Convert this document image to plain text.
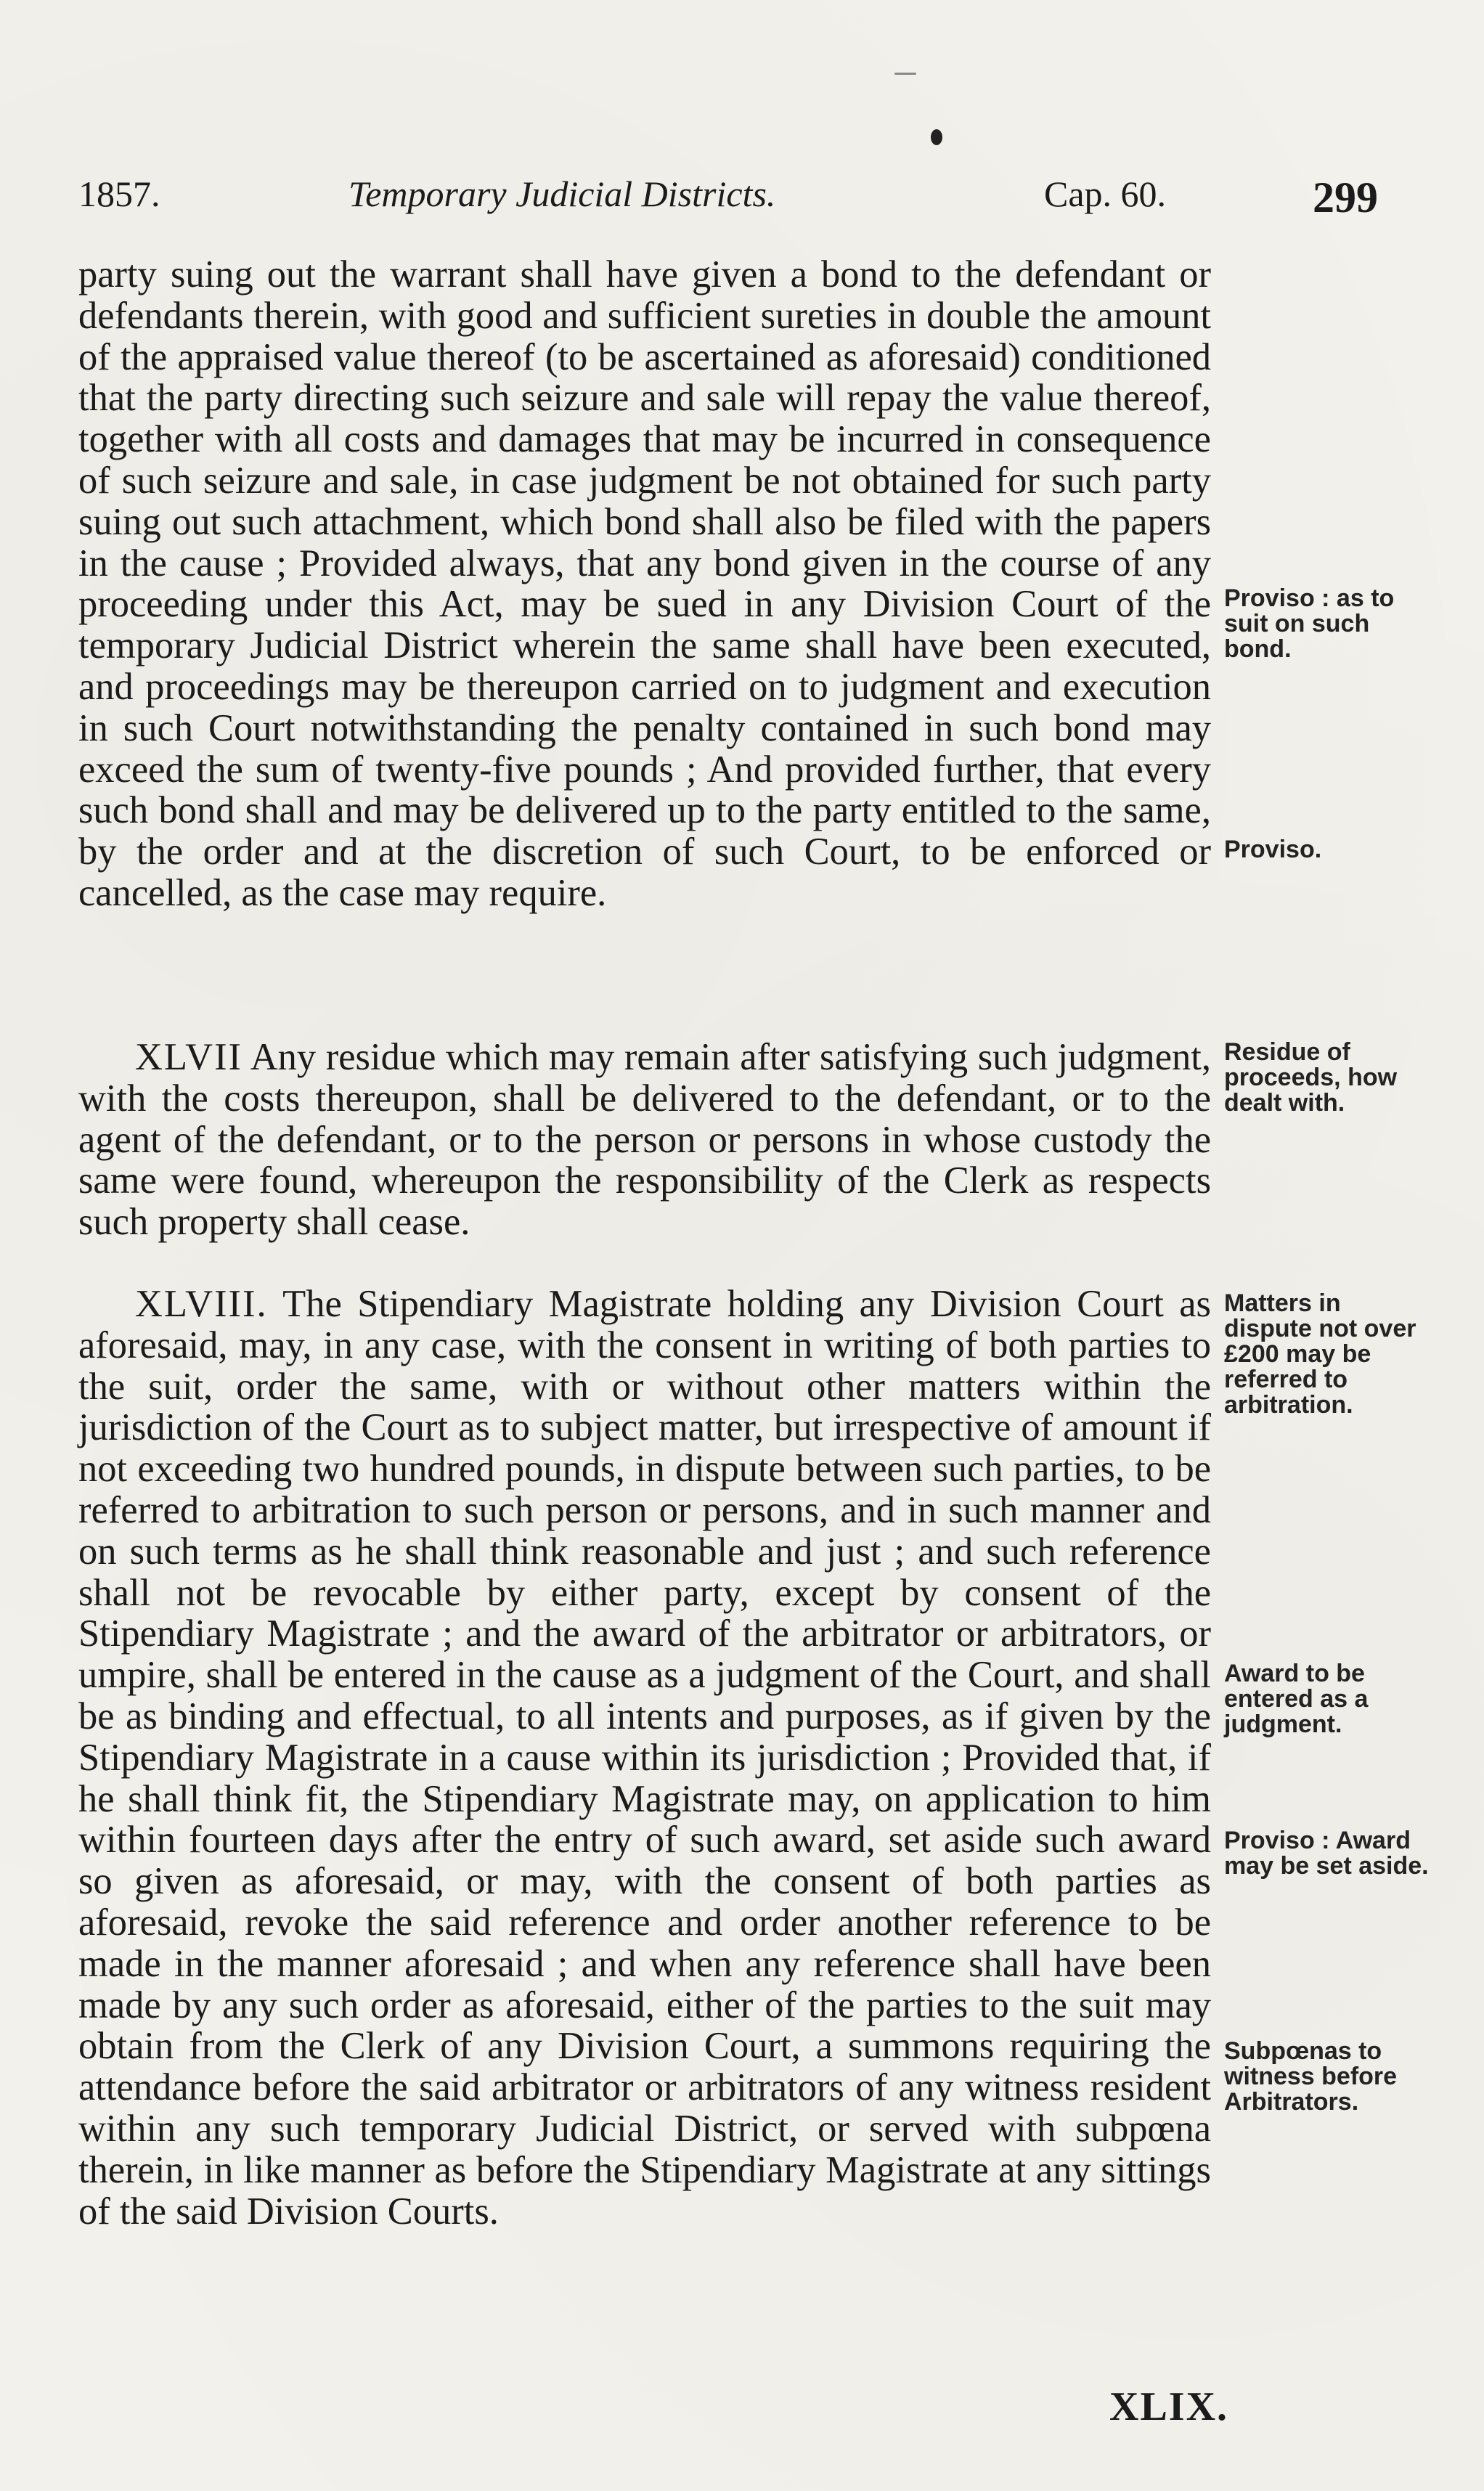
1857.	Temporary Judicial Districts.	Cap. 60.	299

party suing out the warrant shall have given a bond to the defendant or defendants therein, with good and sufficient sureties in double the amount of the appraised value thereof (to be ascertained as aforesaid) conditioned that the party directing such seizure and sale will repay the value thereof, together with all costs and damages that may be incurred in consequence of such seizure and sale, in case judgment be not obtained for such party suing out such attachment, which bond shall also be filed with the papers in the cause ; Provided always, that any bond given in the course of any proceeding under this Act, may be sued in any Division Court of the temporary Judicial District wherein the same shall have been executed, and proceedings may be thereupon carried on to judgment and execution in such Court notwithstanding the penalty contained in such bond may exceed the sum of twenty-five pounds ; And provided further, that every such bond shall and may be delivered up to the party entitled to the same, by the order and at the discretion of such Court, to be enforced or cancelled, as the case may require.

XLVII Any residue which may remain after satisfying such judgment, with the costs thereupon, shall be delivered to the defendant, or to the agent of the defendant, or to the person or persons in whose custody the same were found, whereupon the responsibility of the Clerk as respects such property shall cease.

XLVIII. The Stipendiary Magistrate holding any Division Court as aforesaid, may, in any case, with the consent in writing of both parties to the suit, order the same, with or without other matters within the jurisdiction of the Court as to subject matter, but irrespective of amount if not exceeding two hundred pounds, in dispute between such parties, to be referred to arbitration to such person or persons, and in such manner and on such terms as he shall think reasonable and just ; and such reference shall not be revocable by either party, except by consent of the Stipendiary Magistrate ; and the award of the arbitrator or arbitrators, or umpire, shall be entered in the cause as a judgment of the Court, and shall be as binding and effectual, to all intents and purposes, as if given by the Stipendiary Magistrate in a cause within its jurisdiction ; Provided that, if he shall think fit, the Stipendiary Magistrate may, on application to him within fourteen days after the entry of such award, set aside such award so given as aforesaid, or may, with the consent of both parties as aforesaid, revoke the said reference and order another reference to be made in the manner aforesaid ; and when any reference shall have been made by any such order as aforesaid, either of the parties to the suit may obtain from the Clerk of any Division Court, a summons requiring the attendance before the said arbitrator or arbitrators of any witness resident within any such temporary Judicial District, or served with subpœna therein, in like manner as before the Stipendiary Magistrate at any sittings of the said Division Courts.

Proviso : as to suit on such bond.
Proviso.
Residue of proceeds, how dealt with.
Matters in dispute not over £200 may be referred to arbitration.
Award to be entered as a judgment.
Proviso : Award may be set aside.
Subpœnas to witness before Arbitrators.
XLIX.
